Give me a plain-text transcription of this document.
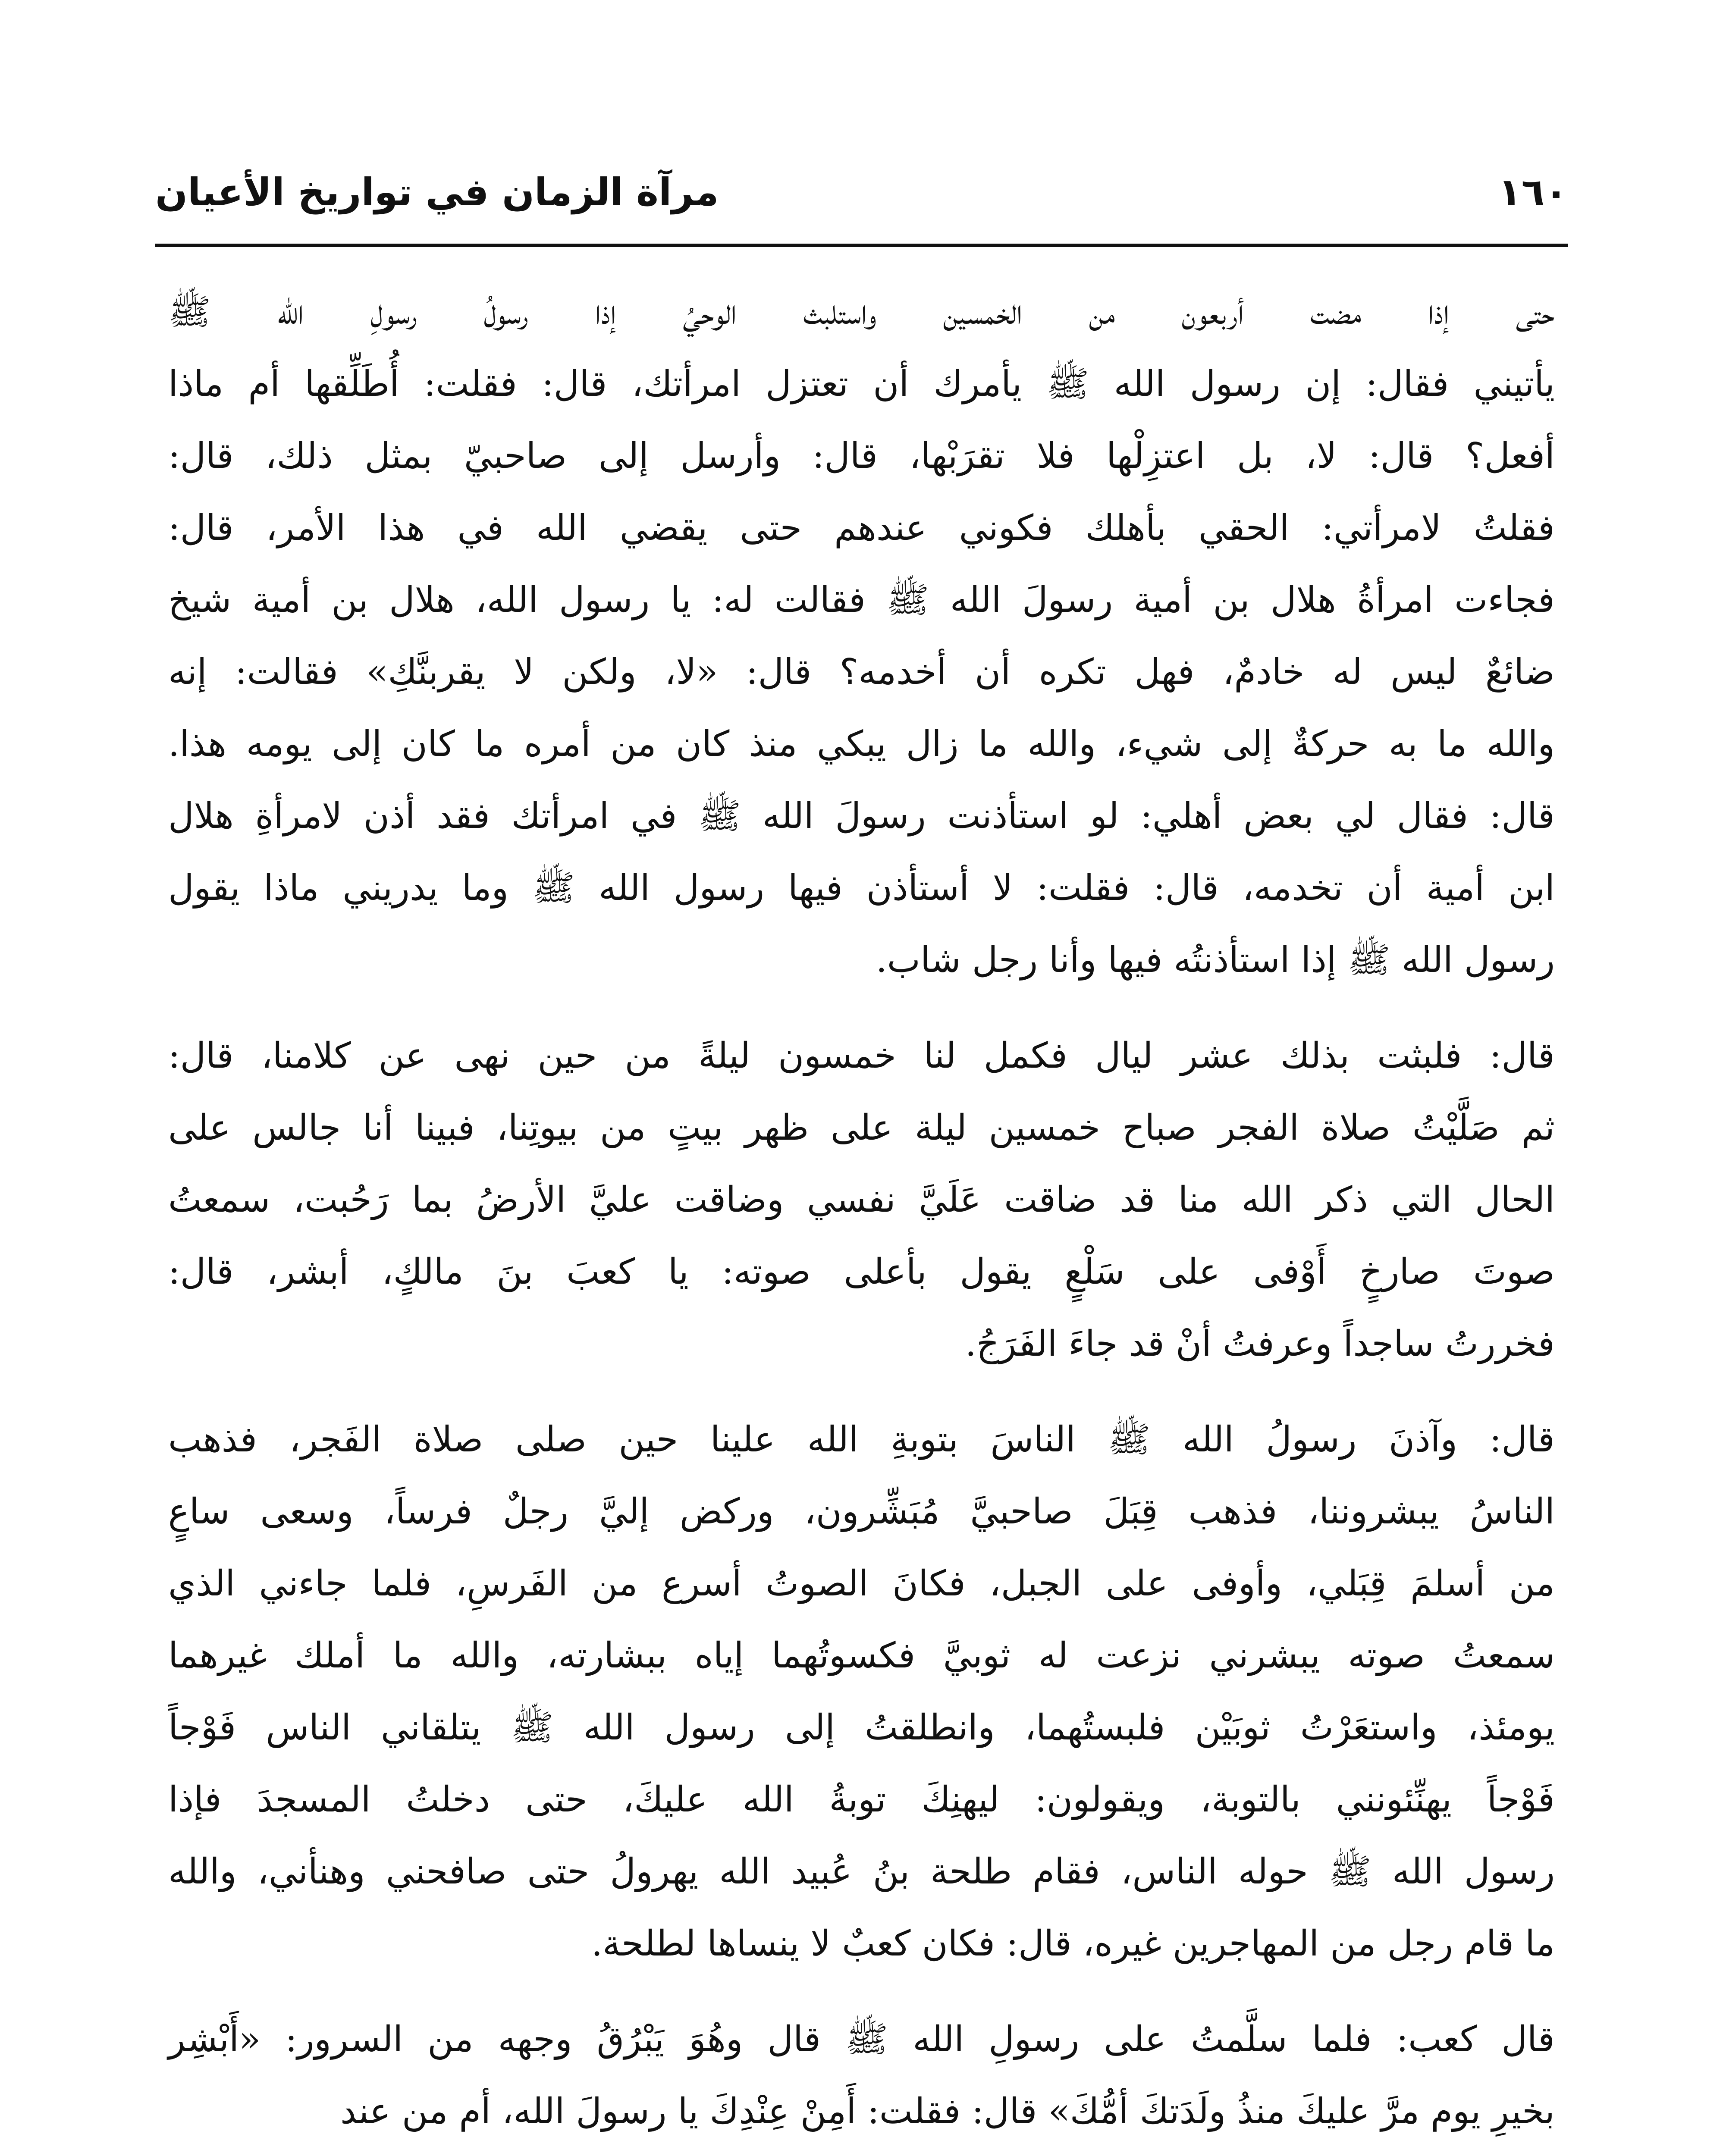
١٦٠
مرآة الزمان في تواريخ الأعيان
حتى إذا مضت أربعون من الخمسين واستلبث الوحيُ إذا رسولُ رسولِ الله ﷺ
يأتيني فقال: إن رسول الله ﷺ يأمرك أن تعتزل امرأتك، قال: فقلت: أُطَلِّقها أم ماذا
أفعل؟ قال: لا، بل اعتزِلْها فلا تقرَبْها، قال: وأرسل إلى صاحبيّ بمثل ذلك، قال:
فقلتُ لامرأتي: الحقي بأهلك فكوني عندهم حتى يقضي الله في هذا الأمر، قال:
فجاءت امرأةُ هلال بن أمية رسولَ الله ﷺ فقالت له: يا رسول الله، هلال بن أمية شيخ
ضائعٌ ليس له خادمٌ، فهل تكره أن أخدمه؟ قال: «لا، ولكن لا يقربنَّكِ» فقالت: إنه
والله ما به حركةٌ إلى شيء، والله ما زال يبكي منذ كان من أمره ما كان إلى يومه هذا.
قال: فقال لي بعض أهلي: لو استأذنت رسولَ الله ﷺ في امرأتك فقد أذن لامرأةِ هلال
ابن أمية أن تخدمه، قال: فقلت: لا أستأذن فيها رسول الله ﷺ وما يدريني ماذا يقول
رسول الله ﷺ إذا استأذنتُه فيها وأنا رجل شاب.
قال: فلبثت بذلك عشر ليال فكمل لنا خمسون ليلةً من حين نهى عن كلامنا، قال:
ثم صَلَّيْتُ صلاة الفجر صباح خمسين ليلة على ظهر بيتٍ من بيوتِنا، فبينا أنا جالس على
الحال التي ذكر الله منا قد ضاقت عَلَيَّ نفسي وضاقت عليَّ الأرضُ بما رَحُبت، سمعتُ
صوتَ صارخٍ أَوْفى على سَلْعٍ يقول بأعلى صوته: يا كعبَ بنَ مالكٍ، أبشر، قال:
فخررتُ ساجداً وعرفتُ أنْ قد جاءَ الفَرَجُ.
قال: وآذنَ رسولُ الله ﷺ الناسَ بتوبةِ الله علينا حين صلى صلاة الفَجر، فذهب
الناسُ يبشروننا، فذهب قِبَلَ صاحبيَّ مُبَشِّرون، وركض إليَّ رجلٌ فرساً، وسعى ساعٍ
من أسلمَ قِبَلي، وأوفى على الجبل، فكانَ الصوتُ أسرع من الفَرسِ، فلما جاءني الذي
سمعتُ صوته يبشرني نزعت له ثوبيَّ فكسوتُهما إياه ببشارته، والله ما أملك غيرهما
يومئذ، واستعَرْتُ ثوبَيْن فلبستُهما، وانطلقتُ إلى رسول الله ﷺ يتلقاني الناس فَوْجاً
فَوْجاً يهنِّئونني بالتوبة، ويقولون: ليهنِكَ توبةُ الله عليكَ، حتى دخلتُ المسجدَ فإذا
رسول الله ﷺ حوله الناس، فقام طلحة بنُ عُبيد الله يهرولُ حتى صافحني وهنأني، والله
ما قام رجل من المهاجرين غيره، قال: فكان كعبٌ لا ينساها لطلحة.
قال كعب: فلما سلَّمتُ على رسولِ الله ﷺ قال وهُوَ يَبْرُقُ وجهه من السرور: «أَبْشِر
بخيرِ يوم مرَّ عليكَ منذُ ولَدَتكَ أمُّكَ» قال: فقلت: أَمِنْ عِنْدِكَ يا رسولَ الله، أم من عند
